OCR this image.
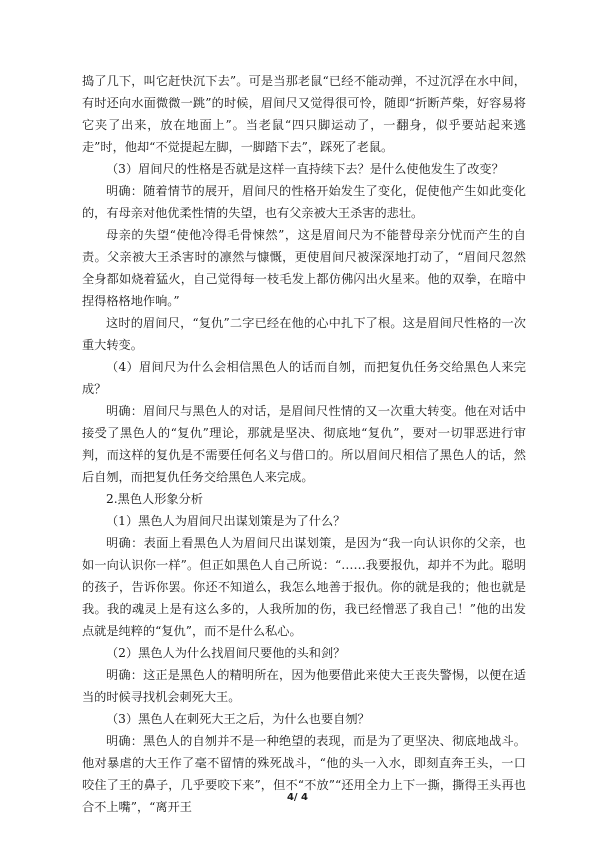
捣了几下，叫它赶快沉下去”。可是当那老鼠“已经不能动弹，不过沉浮在水中间，有时还向水面微微一跳”的时候，眉间尺又觉得很可怜，随即“折断芦柴，好容易将它夹了出来，放在地面上”。当老鼠“四只脚运动了，一翻身，似乎要站起来逃走”时，他却“不觉提起左脚，一脚踏下去”，踩死了老鼠。

（3）眉间尺的性格是否就是这样一直持续下去？是什么使他发生了改变？

明确：随着情节的展开，眉间尺的性格开始发生了变化，促使他产生如此变化的，有母亲对他优柔性情的失望，也有父亲被大王杀害的悲壮。

母亲的失望“使他冷得毛骨悚然”，这是眉间尺为不能替母亲分忧而产生的自责。父亲被大王杀害时的凛然与慷慨，更使眉间尺被深深地打动了，“眉间尺忽然全身都如烧着猛火，自己觉得每一枝毛发上都仿佛闪出火星来。他的双拳，在暗中捏得格格地作响。”

这时的眉间尺，“复仇”二字已经在他的心中扎下了根。这是眉间尺性格的一次重大转变。

（4）眉间尺为什么会相信黑色人的话而自刎，而把复仇任务交给黑色人来完成？

明确：眉间尺与黑色人的对话，是眉间尺性情的又一次重大转变。他在对话中接受了黑色人的“复仇”理论，那就是坚决、彻底地“复仇”，要对一切罪恶进行审判，而这样的复仇是不需要任何名义与借口的。所以眉间尺相信了黑色人的话，然后自刎，而把复仇任务交给黑色人来完成。

2.黑色人形象分析

（1）黑色人为眉间尺出谋划策是为了什么？

明确：表面上看黑色人为眉间尺出谋划策，是因为“我一向认识你的父亲，也如一向认识你一样”。但正如黑色人自己所说：“……我要报仇，却并不为此。聪明的孩子，告诉你罢。你还不知道么，我怎么地善于报仇。你的就是我的；他也就是我。我的魂灵上是有这么多的，人我所加的伤，我已经憎恶了我自己！”他的出发点就是纯粹的“复仇”，而不是什么私心。

（2）黑色人为什么找眉间尺要他的头和剑？

明确：这正是黑色人的精明所在，因为他要借此来使大王丧失警惕，以便在适当的时候寻找机会刺死大王。

（3）黑色人在刺死大王之后，为什么也要自刎？

明确：黑色人的自刎并不是一种绝望的表现，而是为了更坚决、彻底地战斗。他对暴虐的大王作了毫不留情的殊死战斗，“他的头一入水，即刻直奔王头，一口咬住了王的鼻子，几乎要咬下来”，但不“不放”“还用全力上下一撕，撕得王头再也合不上嘴”，“离开王

4/ 4
